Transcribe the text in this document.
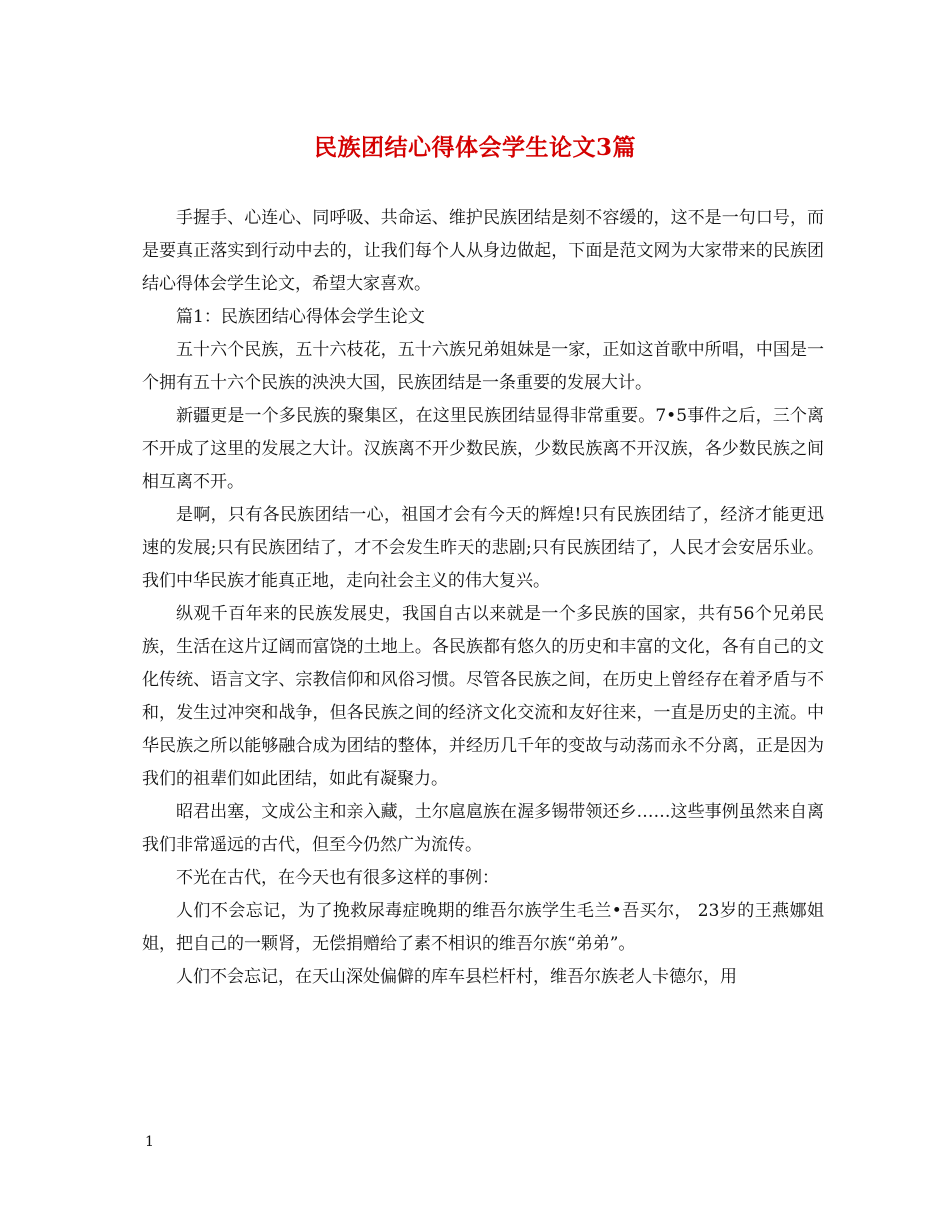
民族团结心得体会学生论文3篇

手握手、心连心、同呼吸、共命运、维护民族团结是刻不容缓的，这不是一句口号，而是要真正落实到行动中去的，让我们每个人从身边做起，下面是范文网为大家带来的民族团结心得体会学生论文，希望大家喜欢。

篇1：民族团结心得体会学生论文

五十六个民族，五十六枝花，五十六族兄弟姐妹是一家，正如这首歌中所唱，中国是一个拥有五十六个民族的泱泱大国，民族团结是一条重要的发展大计。

新疆更是一个多民族的聚集区，在这里民族团结显得非常重要。7•5事件之后，三个离不开成了这里的发展之大计。汉族离不开少数民族，少数民族离不开汉族，各少数民族之间相互离不开。

是啊，只有各民族团结一心，祖国才会有今天的辉煌!只有民族团结了，经济才能更迅速的发展;只有民族团结了，才不会发生昨天的悲剧;只有民族团结了，人民才会安居乐业。我们中华民族才能真正地，走向社会主义的伟大复兴。

纵观千百年来的民族发展史，我国自古以来就是一个多民族的国家，共有56个兄弟民族，生活在这片辽阔而富饶的土地上。各民族都有悠久的历史和丰富的文化，各有自己的文化传统、语言文字、宗教信仰和风俗习惯。尽管各民族之间，在历史上曾经存在着矛盾与不和，发生过冲突和战争，但各民族之间的经济文化交流和友好往来，一直是历史的主流。中华民族之所以能够融合成为团结的整体，并经历几千年的变故与动荡而永不分离，正是因为我们的祖辈们如此团结，如此有凝聚力。

昭君出塞，文成公主和亲入藏，土尔扈扈族在渥多锡带领还乡……这些事例虽然来自离我们非常遥远的古代，但至今仍然广为流传。

不光在古代，在今天也有很多这样的事例：

人们不会忘记，为了挽救尿毒症晚期的维吾尔族学生毛兰•吾买尔， 23岁的王燕娜姐姐，把自己的一颗肾，无偿捐赠给了素不相识的维吾尔族“弟弟”。

人们不会忘记，在天山深处偏僻的库车县栏杆村，维吾尔族老人卡德尔，用

1
